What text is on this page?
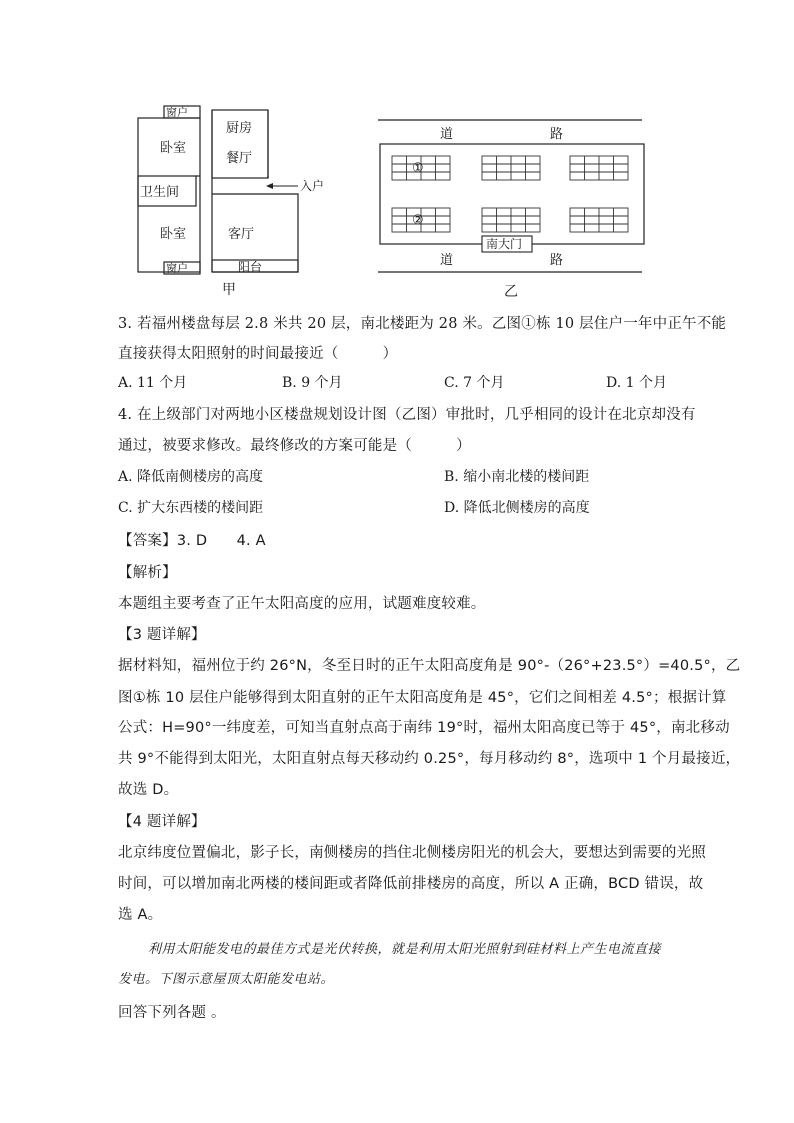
窗户
卧室
厨房
餐厅
卫生间	入户
卧室	客厅
窗户	阳台
甲
道	路
①
②
南大门
道	路
乙
3. 若福州楼盘每层 2.8 米共 20 层，南北楼距为 28 米。乙图①栋 10 层住户一年中正午不能
直接获得太阳照射的时间最接近（　　　）
A. 11 个月	B. 9 个月	C. 7 个月	D. 1 个月
4. 在上级部门对两地小区楼盘规划设计图（乙图）审批时，几乎相同的设计在北京却没有
通过，被要求修改。最终修改的方案可能是（　　　）
A. 降低南侧楼房的高度	B. 缩小南北楼的楼间距
C. 扩大东西楼的楼间距	D. 降低北侧楼房的高度
【答案】3. D　　4. A
【解析】
本题组主要考查了正午太阳高度的应用，试题难度较难。
【3 题详解】
据材料知，福州位于约 26°N，冬至日时的正午太阳高度角是 90°-（26°+23.5°）=40.5°，乙
图①栋 10 层住户能够得到太阳直射的正午太阳高度角是 45°，它们之间相差 4.5°；根据计算
公式：H=90°一纬度差，可知当直射点高于南纬 19°时，福州太阳高度已等于 45°，南北移动
共 9°不能得到太阳光，太阳直射点每天移动约 0.25°，每月移动约 8°，选项中 1 个月最接近，
故选 D。
【4 题详解】
北京纬度位置偏北，影子长，南侧楼房的挡住北侧楼房阳光的机会大，要想达到需要的光照
时间，可以增加南北两楼的楼间距或者降低前排楼房的高度，所以 A 正确，BCD 错误，故
选 A。
利用太阳能发电的最佳方式是光伏转换，就是利用太阳光照射到硅材料上产生电流直接
发电。下图示意屋顶太阳能发电站。
回答下列各题 。
